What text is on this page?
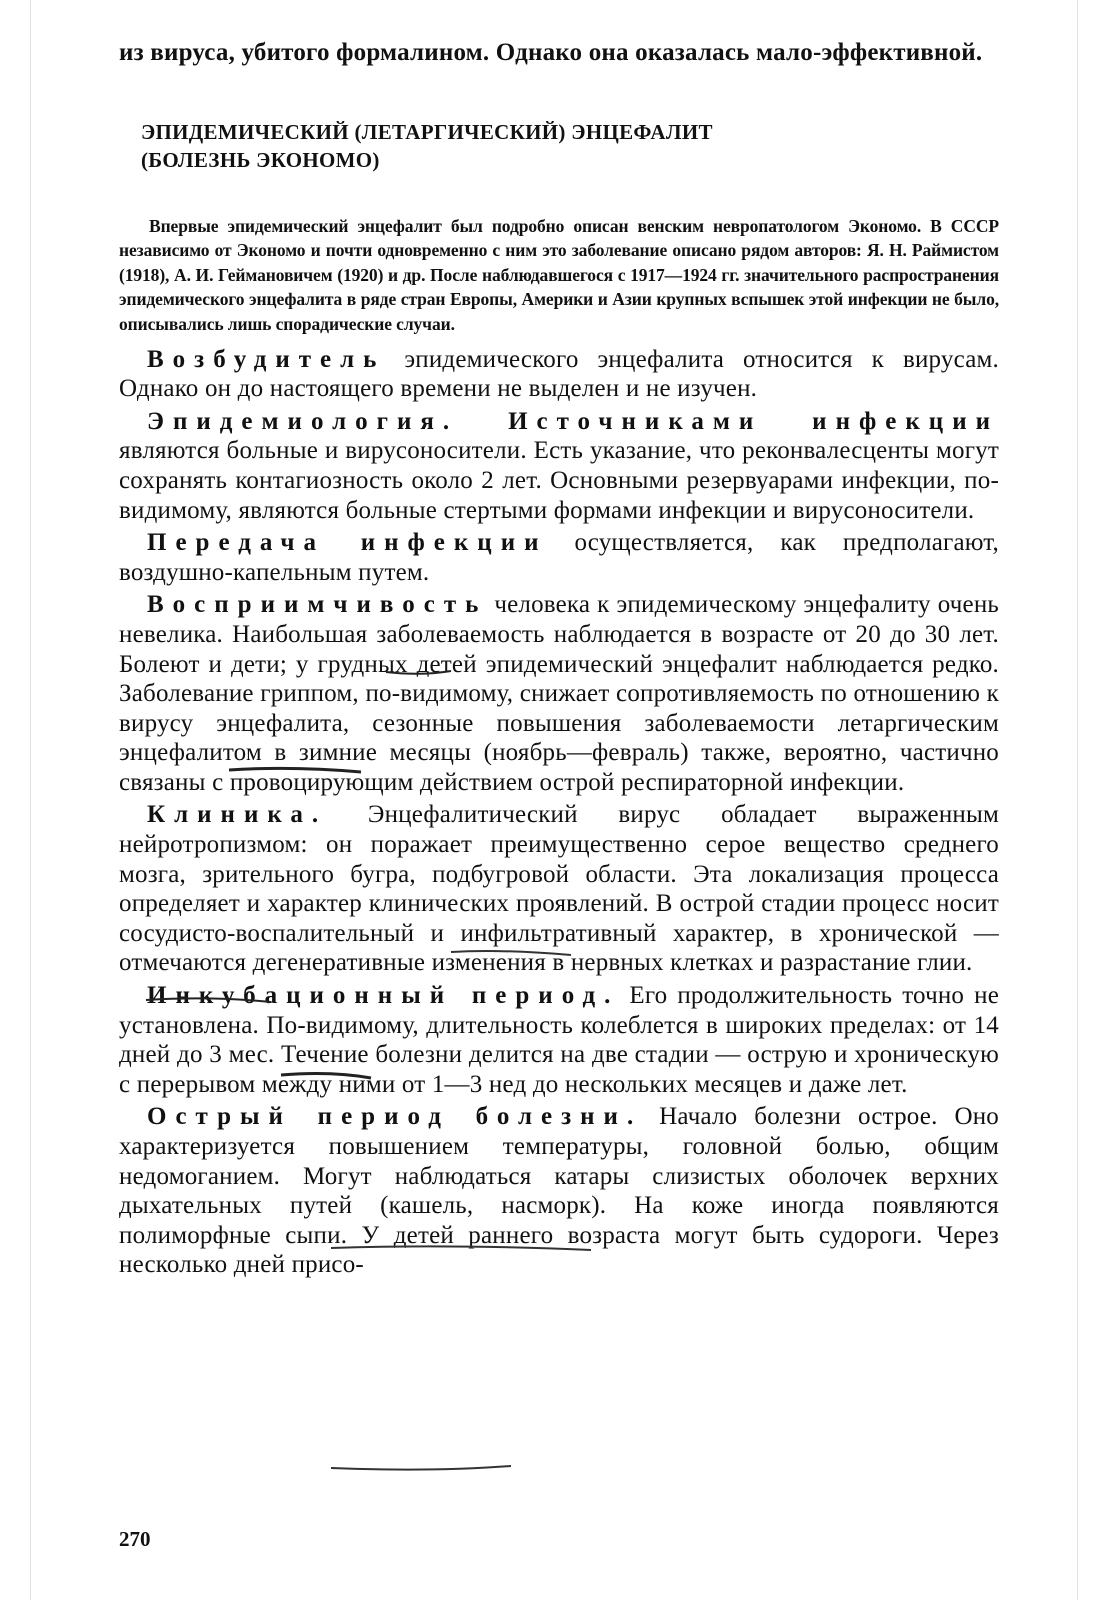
из вируса, убитого формалином. Однако она оказалась мало-эффективной.

ЭПИДЕМИЧЕСКИЙ (ЛЕТАРГИЧЕСКИЙ) ЭНЦЕФАЛИТ
(БОЛЕЗНЬ ЭКОНОМО)

Впервые эпидемический энцефалит был подробно описан венским невропатологом Экономо. В СССР независимо от Экономо и почти одновременно с ним это заболевание описано рядом авторов: Я. Н. Раймистом (1918), А. И. Геймановичем (1920) и др. После наблюдавшегося с 1917—1924 гг. значительного распространения эпидемического энцефалита в ряде стран Европы, Америки и Азии крупных вспышек этой инфекции не было, описывались лишь спорадические случаи.

Возбудитель эпидемического энцефалита относится к вирусам. Однако он до настоящего времени не выделен и не изучен.

Эпидемиология. Источниками инфекции являются больные и вирусоносители. Есть указание, что реконвалесценты могут сохранять контагиозность около 2 лет. Основными резервуарами инфекции, по-видимому, являются больные стертыми формами инфекции и вирусоносители.

Передача инфекции осуществляется, как предполагают, воздушно-капельным путем.

Восприимчивость человека к эпидемическому энцефалиту очень невелика. Наибольшая заболеваемость наблюдается в возрасте от 20 до 30 лет. Болеют и дети; у грудных детей эпидемический энцефалит наблюдается редко. Заболевание гриппом, по-видимому, снижает сопротивляемость по отношению к вирусу энцефалита, сезонные повышения заболеваемости летаргическим энцефалитом в зимние месяцы (ноябрь—февраль) также, вероятно, частично связаны с провоцирующим действием острой респираторной инфекции.

Клиника. Энцефалитический вирус обладает выраженным нейротропизмом: он поражает преимущественно серое вещество среднего мозга, зрительного бугра, подбугровой области. Эта локализация процесса определяет и характер клинических проявлений. В острой стадии процесс носит сосудисто-воспалительный и инфильтративный характер, в хронической — отмечаются дегенеративные изменения в нервных клетках и разрастание глии.

Инкубационный период. Его продолжительность точно не установлена. По-видимому, длительность колеблется в широких пределах: от 14 дней до 3 мес. Течение болезни делится на две стадии — острую и хроническую с перерывом между ними от 1—3 нед до нескольких месяцев и даже лет.

Острый период болезни. Начало болезни острое. Оно характеризуется повышением температуры, головной болью, общим недомоганием. Могут наблюдаться катары слизистых оболочек верхних дыхательных путей (кашель, насморк). На коже иногда появляются полиморфные сыпи. У детей раннего возраста могут быть судороги. Через несколько дней присо-

270
